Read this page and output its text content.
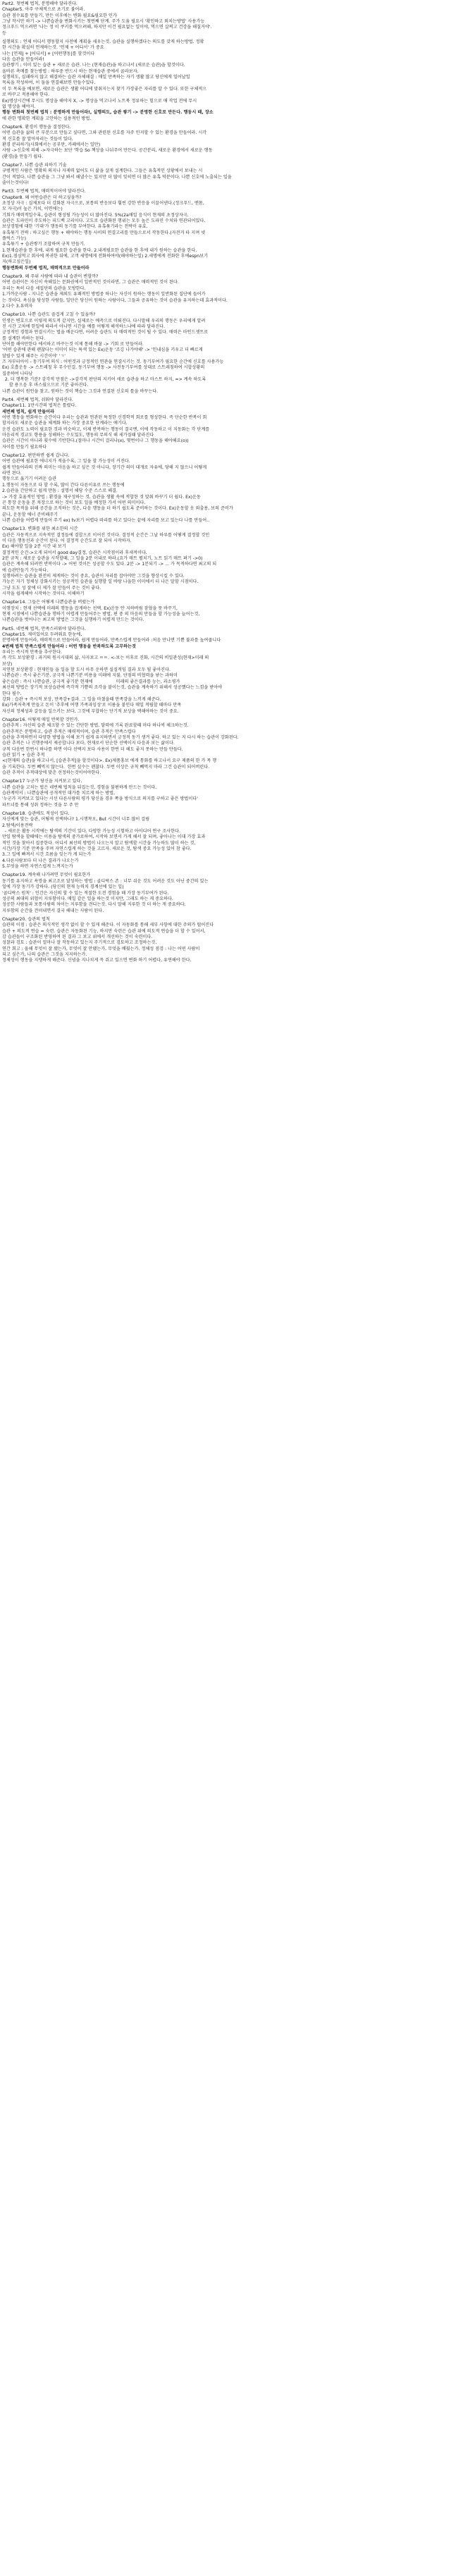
Part2. 첫번째 법칙, 분명해야 달라진다.
Chapter5. 아주 구체적으로 초기로 불어라.
습관 점수표를 만들기, 만든 이후에는 변화 필요&필요한 인가
그냥 작시만 하기 -> 나쁜습관을 변화시키는 첫번째 단계. 주가 도움 필요시 '확인하고 외치는방법' 사용가능
정크푸드 먹으려면 '나는 정 이 쿠키를 먹으려해, 하지만 이건 필요없는 일이야, 먹으면 살찌고 건강을 해칠거야'.
등
실행의도 : 언제 어디서 행동할지 사전에 계획을 세우는것. 습관을 실행하겠다는 의도를 갖게 하는방법. 정확
한 시간을 확실히 언제하는것. '언제 + 어디서' 가 중요
나는 [언제] + [어디서] + [어떤행동]를 할것이다
다음 습관을 만들어라!
습관쌓기 : 이미 있는 습관 + 새로운 습관. 나는 (현재습관)을 하고나서 (새로운 습관)을 할것이다.
올바른 촉매를 찾는방법 : 하루중 반드시 하는 현재습관 중에서 골라보자.
실행의도, 실패하지 않고 해결하는 습관 자체해결 : 매일 만족하는 자기 생활 많고 당신에게 일어날일
목록을 작성하여, 이 둘을 연결해보면 만들수있다.
이 두 목록을 배보면, 새로운 습관은 생활 어디에 맞춰지는지 찾기 가장좋은 자리를 알 수 있다. 또한 구체적으
로 바꾸고 적용해야 한다.
Ex)명상시간에 무시도 명상을 해야지 X, -> 명상을 먹고나서 노트북 정류하는 힘으로 매 작업 전에 무시
없 명상을 해야지.
행동 변화의 첫번째 법칙 : 분명하게 만들어라!, 실행의도, 습관 쌓기 -> 분명한 신호로 만든다. 행동시 때, 장소
에 관한 명확한 계획을 고안하는 실용적인 방법.
Chapter6. 환경이 행동을 결정한다.
어떤 습관을 삶의 큰 부분으로 만들고 싶다면, 그와 관련된 신호를 자주 인지할 수 있는 환경을 만들어라. 시각
적 신호를 잘 알아차리는 것들이 있다.
환경 분리하기(사회에서는 공부만, 카페에서는 일만)
사람 ->신호에 의해 ->자극하는 보단 '학습 So 책상을 나눠주어 만든다. 공간분리, 새로운 환경에서 새로운 행동
(환경)을 만들기 쉽다.
Chapter7. 나쁜 습관 피하기 기술
규범적인 사람은 명확의 의지나 자제력 없어도 더 삶을 살게 설계한다. 그들은 유혹적인 상황에서 보내는 시
간이 적었다. 나쁜 습관을 그 그냥 봐서 해낼수는 있지만 더 많이 잊히면 더 많은 유혹 덕분이다. 나쁜 신호에 노출되는 일을
줄이는것이다!
Part3. 두번째 법칙, 매력적이어야 달라진다.
Chapter8. 왜 어떤습관은 더 하고싶을까?
초정상 자극 : 실제보다 더 강화된 자극으로, 보통의 반응보다 훨씬 강한 반응을 이끌어낸다.(정크푸드, 맨몸,
모 자극)이 높은 가치, 이면에는)
기회가 매력적일수록, 습관이 형성될 가능성이 더 많아진다. 5%(2a매일 음식이 현재의 초정상자극.
습관은 도파민이 주도하는 피드백 고리이다. 고도로 습관화된 행위는 모두 높은 도파민 수치와 연관되어있다.
보상경험에 대한 '기대'가 행동의 동기를 부여한다. 유혹묶기라는 전략이 유효.
유혹묶기 전략 : 하고싶은 행동 + 해야하는 행동 사이의 연결고리를 만들으로서 작동한다.(자전거 타 지며 넷
플릭스 가능)
유혹묶기 + 습관쌓기 조합하여 규칙 만들기.
1.현재습관을 한 후에, 내게 필요한 습관을 한다. 2.내게필요한 습관을 한 후에 내가 원하는 습관을 한다.
Ex)1.점심먹고 회사에 복귀한 뒤에, 고객 세명에게 전화하여야(해야하는일) 2.세명에게 전화한 후에espn보기
지(하고싶은일)
행동변화의 두번째 법칙, 매력적으로 만들어라
Chapter9. 왜 주위 사람에 따라 내 습관이 변할까?
어떤 습관이든 자신이 속해있는 문화권에서 일반적인 것이라면, 그 습관은 매력적인 것이 된다.
우리는 특히 다음 세집단의 습관을 모방한다.
1.가까운사람 - 지니은 습관을 제외도 유쾌적인 방법중 하나는 자신이 원하는 행동이 일반화된 집단에 들어가
는 것이다. 욕심을 당성한 사람들, 일단은 당신이 원하는 사람이다, 그들과 공유하는 것이 습관을 유지하는데 효과적이다.
2.다수 3.유력자
Chapter10. 나쁜 습관도 즐겁게 고칠 수 있을까?
인생은 변호으로 이렇게 의도적 같지만, 실제로는 예측으로 이뤄진다. 다시말해 우리의 행동은 우리에게 알려
진 시간 고차에 한일에 따라서 아니면 시간을 예를 어떻게 해석하느냐에 따라 달라진다.
긍정적인 경험과 연결시키는 법을 배운다면, 어려운 습관도 더 매력적인 것이 될 수 있다. 매력은 마인드셋트로
를 설계한 바하는 된다.
단어를 해야만한다 에서하고 바꾸는것 이제 통해 바꿀 -> 기회 로 만들어라.
'어떤 습관에 관해 괜찮다는 이미이 되는 특색 있는 Ex)운동 '조깅 나가야해' -> '인내심을 키우고 더 빠르게
달릴수 있게 해주는 시간이야' 'ㄱ'
즈 자부터아이 - 동기부여 의식 : 어떤것과 긍정적인 연관을 연결시키는 것. 동기부여가 필요한 순간에 신호를 사용가능
Ex) 호흡운동 -> 스트레칭 후 무수던걸. 동기부여 행동 -> 사전동기부여를 상대로 스트레칭하여 시합상황의
집중하여 나타남
2. 더 행복한 기분? 감각적 만점은 ->감각적 판단의 지키어 새로 습관을 하고 마스트 하지, => 계속 하도록
할 용으음 후 마스웠으므로 기분 좋아진다.
나쁜 습관이 원인을 찾고, 원하는 것이 책습는 그것과 연결된 신호의 틀을 바꾸는다.
Part4. 세번째 법칙, 쉬워야 달라진다.
Chapter11. 1만시간의 법칙은 틀렸다.
세번째 법칙, 쉽게 만들어라
어떤 행동을 변화하는 순간이다 우리는 습관과 연관된 특정한 신경학적 회로를 형성한다. 즉 단순한 반복이 회
할지라도 새로운 습관을 체계화 하는 가장 중요한 단계라는 얘기다.
운전 습관도 노력이 필요한 것과 비슷하고, 이제 반복하는 행동이 결국엔, 이에 작동하고 이 지동화는 각 단계를
마음리적 경교도 향용을 성해하는 수도있도, 행동의 무의식 해 세가질때 달라진다
습관은 시간이 아니라 횟수에 기반한다.(절마나 시간이 걸리냐(x), 몇번이나 그 행동을 해야해요(o))
자이를 만들기 필요하다
Chapter12. 편안하면 쉽게 갑니다.
어떤 습관에 필요한 에너지가 적을수록, 그 일을 할 가능성이 커진다.
쉽게 만들어라의 진짜 의미는 마음을 하고 싶은 것 아니다, 장기간 의미 대개로 자유에, 당해 지 않으니 어떻게
라면 된다.
행동으로 옮기기 어려운 습관
1.행동이 자동으로 다 할 수록, 많이 간다 다른이유로 쓰는 행동에
2.습관을 간단하고 쉽게 만듬 : 설명서 해당 수준 스스로 해결.
-> 가장 효율적인 방법 : 환경을 재구성하는 것. 습관을 생활 속에 적합한 것 맞춰 바꾸기 더 쉽다. Ex)운동
곤 통장 운동을 본 차장으로 하는 것이 보도 일을 예정한 가서 어떤 의미이다.
의도한 목적을 위해 공간을 조직하는 것은, 다음 행동을 더 하기 쉽도록 준비하는 것이다. Ex)운동할 옷 외출용, 보의 준비가
끝나, 운동할 에너 준비해주기
나쁜 습관을 어렵게 만들어 주기 ex) tv보기 어렵다 따리를 하고 있다는 끝에 자리를 보고 있는다 나를 만들어..
Chapter13. 변화를 위한 최소한의 시간
습관은 자동적으로 지속적인 결정들에 결합으로 이어진 것이다. 결정적 순간은 그날 하루를 어떻게 결정할 것인
이 다음 행동선과 순간이 된다. 어 결정적 순간도로 잘 되어 시작하자.
Ex) 해야할 일을 2분 시간 내 보기
결정적인 순간->오게 되어서 good day결정, 습관은 시작점이라 후세적이다.
2분 규칙 : 새로운 습관을 시작할때, 그 일을 2분 이내로 하라.(요가 매트 펼치기, 노트 읽기 매트 펴기 ->0)
습관은 계속해 되려면 반복이다 -> 어떤 것이든 성공할 수도 있다. 2분 -> 1분되기 -> ... 가 목적하다면 최고의 되
에 습관만들기 가능하다.
실행하려는 습관을 완전히 제게하는 것이 중요, 습관이 자리를 잡아야만 그것을 향상시킬 수 있다.
가능은 자기 정체성 강화시키는 성공적인 습관을 실행할 일 바랑 나을한 이미에서 더 나은 말할 시점이다.
그냥 도도 성 잘에 더 제가 잘 만들어 주는 것이 좋다.
시작을 쉽게해야 시작하는 것이다. 이해하기
Chapter14. 그들은 어떻게 나쁜습관을 버렸는가
이행장치 : 현재 선택에 미래의 행동을 잡게하는 선택. Ex)운동 안 지하버림 잠혔을 뭇 바꾸기,
현재 시점에서 나쁜습관을 행하기 어렵게 만들어주는 방법, 편 중 의 마음의 만들을 할 가능성을 늘어는것,
나쁜습관을 벗어나는 최고의 방법은 그것을 실행하기 어렵게 만드는 것이다.
Part5. 네번째 법칙, 만족스러워야 달라진다.
Chapter15. 재미있어요 두려워요 한눈에,
분명하게 만들어라, 매력적으로 만들어라, 쉽게 만들어라, 만족스럽게 만들어라 :처음 만나면 기쁨 불과를 높여줍니다
4번째 법칙 만족스럽게 만들어라 : 어떤 행동을 반복하도록 고무하는것
우리는 즉시적 만족을 추구한다.
즉 각도 보상환경 : 과거의 원시시대의 삶, 사자보고 ㅌㅌ. <-보는 이후로 진화, 시간의 비일관성(현재>미래 의
보상)
지연된 보상환경 : 현재인들 을 일을 할 도시 아무 운하면 실질적임 결과 모두 될 좋아진다.
나쁜습관 : 즉시 좋은기분, 궁극적 나쁜기분 비용을 미래에 지불. 단점의 비협력을 낳는 과하미
좋은습관 : 즉시 나쁜습관, 궁극적 좋기분 현재에                 미래의 좋은결과를 능는, 과소평가
최선의 방법은 장기적 보상습관에 즉각적 기쁨의 조각을 붙이는것, 습관을 계속하기 위해서 성공했다는 느낌을 받아야
한다 필수.
강화 : 습관 + 즉시적 보상, 만족감+결과. 그 일을 마쳤을때 만족감을 느끼게 해준다.
Ex)가족저축계 만들고 돈이 '추후에 여행 가족과잉성'로 이름을 붙인다 매일 적립할 때마다 만족
자신의 정체성과 갈등을 일으키는 보다, 그것에 부합하는 단기적 보상을 택해야하는 것이 중요.
Chapter16. 어떻게 매일 반복할 것인가.
습관추적 : 자신의 습관 체크할 수 있는 간단한 방법. 달력에 기록 완료할때 마다 하나씩 체크하는것.
습관추적은 분명하고, 습관 추적은 매력적이며, 습관 추적은 만족스럽다
습관을 추적하면서 다양한 방법을 이해 보기 쉽게 유지하면서 긍정적 동기 생겨 좋다. 하고 있는 지 다시 하는 습관이 강화된다.
습관 추적은 나 진행중에서 제공합니다 보다, 현재로서 단순한 선택이지 다음과 보는 삶이다.
규칙 다음번 한번시 하나를 하면 이다 선택지 보다 사용이 한번 더 해도 좋지 못하는 만들 만들다.
습관 읽기 + 습관 추적
<(현재의 습관)을 하고나서, [습관추적]을 할것이다>. Ex)제품홍보 에게 통화를 하고나서 요구 제품의 한 가 목 행
을 기록한다. 두번 빼먹지 않는다.  한번 실수는 괜찮다. 두번 이상은 규칙 빼먹지 마라 그건 습관이 되어버린다.
습관 추적이 추적대상에 맞춘 선정하는것이어야한다.
Chapter17 누군가 당신을 지켜보고 있다.
나쁜 습관을 고치는 법은 네번째 법칙을 뒤집는것, 경험을 불편하게 만드는 것이다.
습관계약서 : 나쁜습관에 공개적인 대가를 치르게 하는 방법,
'누군가 지켜보고 있다는 시선 다른사람의 평가 당신을 경우 쪽을 방식으로 의지를 구하고 좋은 방법이다'
파트너를 통해 성취 정하는 것을 무 주 만
Chapter18. 습관에도 적성이 있다.
자신에게 맞는 습관, 어떻게 선택하나? 1.시행착오, But 시간이 너무 많이 걸림
2.탐색/이용전략
- 새로운 활동 시작에는 탐색의 기간이 있다. 다양한 가능성 시험하고 아이디어 연구 조사한다.
만일 탐색을 할때에는 이용을 탐색의 중가로하여, 시작하 보면서 가게 해서 잘 되며, 좋아나는 이대 가장 효과
적인 것을 찾아서 집중한다. 어디서 최선의 방법이 나오는지 알고 탐색할 시간을 가능하도 많이 하는 것,
시간/가장 기분 만족을 주며 자연스럽게 하는 것을 고르자. 새로운 것, 탐색 중요 가능성 있어 참 좋다.
3.그 일에 빠져서 시간 흐름을 잊는가 게 되는가
4.다른사람보다 더 나은 결과가 나오는가
5.무엇을 하면 자연스럽게 느껴지는가
Chapter19. 계속해 나가려면 무엇이 필요한가
동기를 유지하고 욕망을 최고조로 달성하는 방법 : 골디락스 존 : 너무 쉬운 것도 어려운 것도 아닌 중간의 있는
일에 가장 동기가 강하다. (당신의 현재 능력치 경계선에 있는 일)
'골디락스 원칙' : 인간은 자신의 할 수 있는 적절한 도전 경험을 때 가장 동기부여가 된다.
성공의 최대의 위협이 지루함이다. 매일 같은 일을 하는것 이지만, 그래도 하는 게 중요하다.
성공한 사람들과 보통사람의 차이는 지루함을 견디는것. 다시 말해 지루한 것 더 하는 게 중요하다.
지루함의 순간을 견뎌내면서 결국 해내는 사람이 된다.
Chapter20. 습관의 법칙
습관의 이점 : 습관은 의식적인 생각 없이 할 수 있게 해준다. 이 자동화를 통해 세부 사항에 대한 주의가 떨어진다
습관 + 의도적 연습 = 숙련. 습관은 자동화된 기능, 하지만 숙련은 습관 위에 의도적 연습을 더 할 수 있어서,
감 습관들이 구조화된 반영하여 된 결과 그 보고 위에서 개선하는 것이 숙련이다.
성찰과 검토 : 습관이 얼마나 잘 작동하고 있는지 주기적으로 검토하고 조정하는것.
연간 회고 : 올해 무엇이 잘 됐는가, 무엇이 잘 안됐는가, 무엇을 배웠는가. 정체성 점검 : 나는 어떤 사람이
되고 싶은가, 나의 습관은 그것을 지지하는가.
정체성이 행동을 지탱하게 해준다. 신념을 지나치게 꼭 쥐고 있으면 변화 하기 어렵다, 유연해야 한다.
